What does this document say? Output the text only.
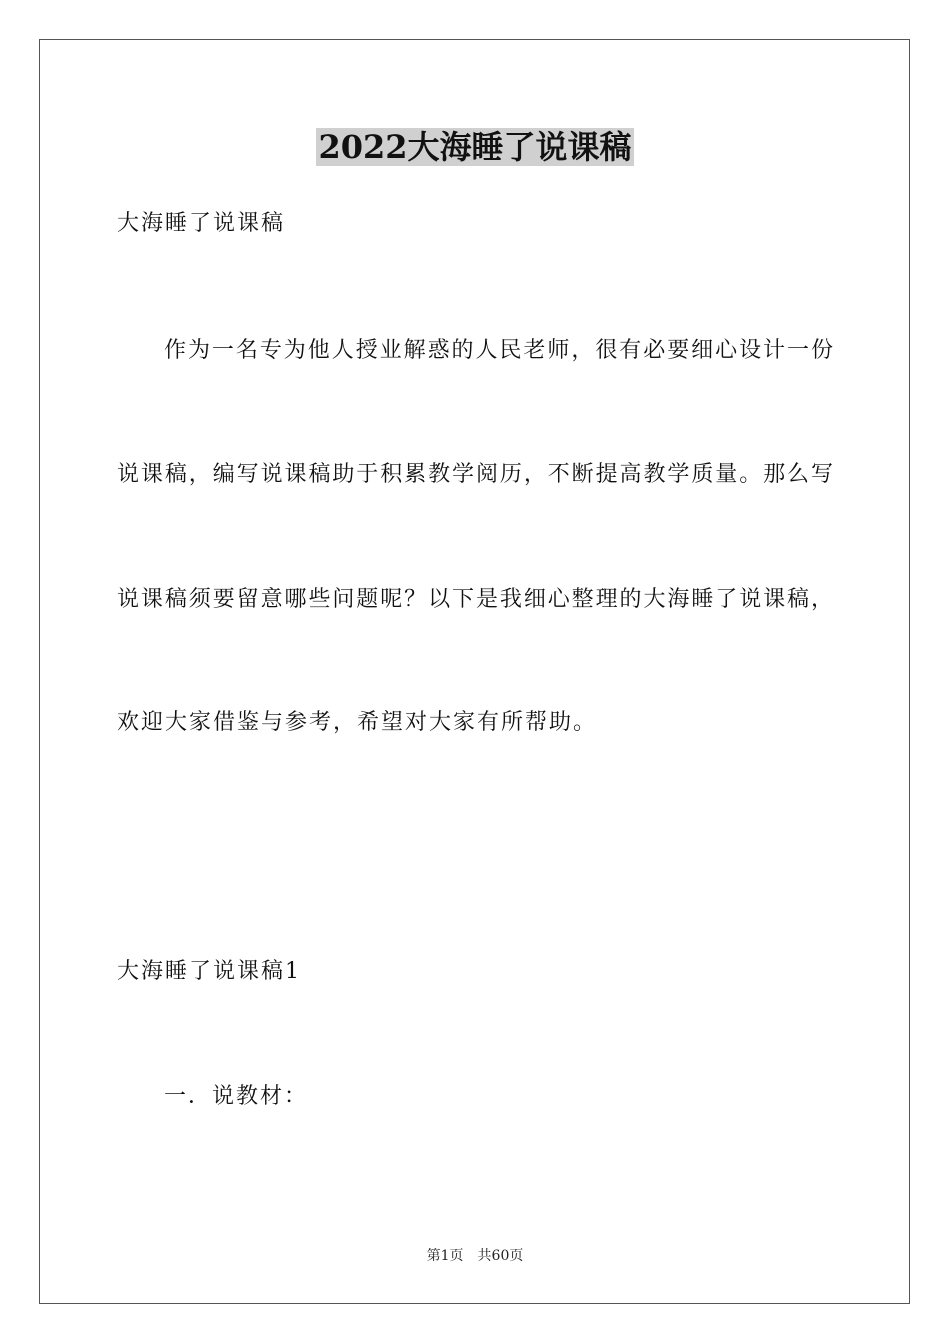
2022大海睡了说课稿

大海睡了说课稿

作为一名专为他人授业解惑的人民老师，很有必要细心设计一份

说课稿，编写说课稿助于积累教学阅历，不断提高教学质量。那么写

说课稿须要留意哪些问题呢？以下是我细心整理的大海睡了说课稿，

欢迎大家借鉴与参考，希望对大家有所帮助。

大海睡了说课稿1

一．说教材：

第1页　共60页
